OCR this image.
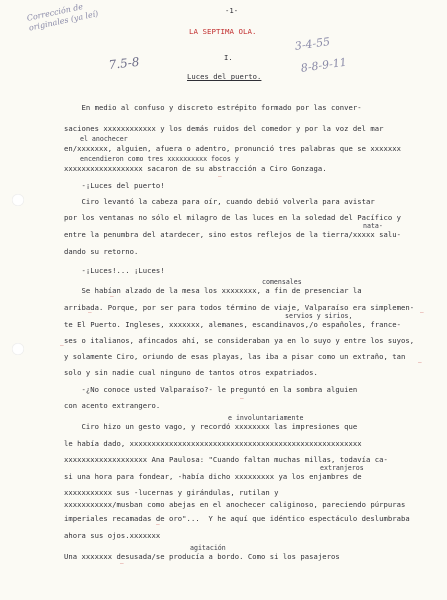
Corrección de originales (ya leí)
3-4-55
8-8-9-11
7.5-8
-1-
LA SEPTIMA OLA.
I.
Luces del puerto.
En medio al confuso y discreto estrépito formado por las conver-
saciones xxxxxxxxxxxx y los demás ruidos del comedor y por la voz del mar
en/xxxxxxx, alguien, afuera o adentro, pronunció tres palabras que se xxxxxxx
xxxxxxxxxxxxxxxxxx sacaron de su abstracción a Ciro Gonzaga.
-¡Luces del puerto!
Ciro levantó la cabeza para oír, cuando debió volverla para avistar
por los ventanas no sólo el milagro de las luces en la soledad del Pacífico y
entre la penumbra del atardecer, sino estos reflejos de la tierra/xxxxx salu-
dando su retorno.
-¡Luces!... ¡Luces!
Se habían alzado de la mesa los xxxxxxxx, a fin de presenciar la
arribada. Porque, por ser para todos término de viaje, Valparaíso era simplemen-
te El Puerto. Ingleses, xxxxxxx, alemanes, escandinavos,/o españoles, france-
ses o italianos, afincados ahí, se consideraban ya en lo suyo y entre los suyos,
y solamente Ciro, oriundo de esas playas, las iba a pisar como un extraño, tan
solo y sin nadie cual ninguno de tantos otros expatriados.
-¿No conoce usted Valparaíso?- le preguntó en la sombra alguien
con acento extrangero.
Ciro hizo un gesto vago, y recordó xxxxxxxx las impresiones que
le había dado, xxxxxxxxxxxxxxxxxxxxxxxxxxxxxxxxxxxxxxxxxxxxxxxxxxxxx
xxxxxxxxxxxxxxxxxxx Ana Paulosa: "Cuando faltan muchas millas, todavía ca-
si una hora para fondear, -había dicho xxxxxxxxx ya los enjambres de
xxxxxxxxxxx sus -lucernas y girándulas, rutilan y
xxxxxxxxxxx/musban como abejas en el anochecer caliginoso, pareciendo púrpuras
imperiales recamadas de oro"...  Y he aquí que idéntico espectáculo deslumbraba
ahora sus ojos.xxxxxxx
Una xxxxxxx desusada/se producía a bordo. Como si los pasajeros
el anochecer
encendieron como tres xxxxxxxxxx focos y
nata-
comensales
servios y sirios,
e involuntariamente
extranjeros
agitación
‾
‾
‾	‾
‾
‾
‾
‾
‾
